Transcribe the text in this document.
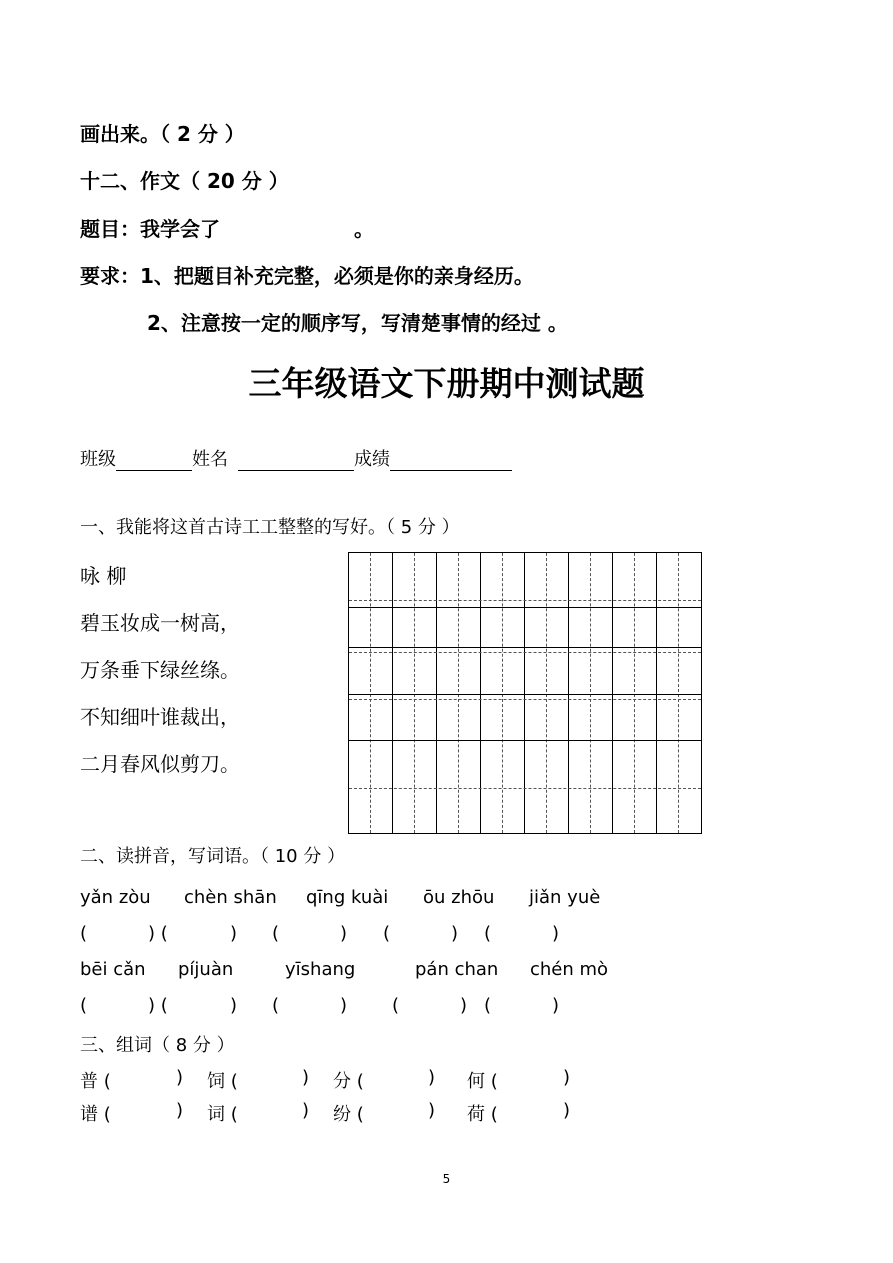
画出来。（ 2 分 ）
十二、作文（ 20 分 ）
题目：我学会了	。
要求：1、把题目补充完整，必须是你的亲身经历。
2、注意按一定的顺序写，写清楚事情的经过 。
三年级语文下册期中测试题
班级	姓名	成绩
一、我能将这首古诗工工整整的写好。（ 5 分 ）
咏 柳
碧玉妆成一树高，
万条垂下绿丝绦。
不知细叶谁裁出，
二月春风似剪刀。
二、读拼音，写词语。（ 10 分 ）
yǎn zòu chèn shān qīng kuài ōu zhōu jiǎn yuè
(	) (	) (	) (	) (	)
bēi cǎn píjuàn	yīshang	pán chan chén mò
(	) (	) (	) (	) (	)
三、组词（ 8 分 ）
普 (	) 饲 (	) 分 (	) 何 (	)
谱 (	) 词 (	) 纷 (	) 荷 (	)
5
